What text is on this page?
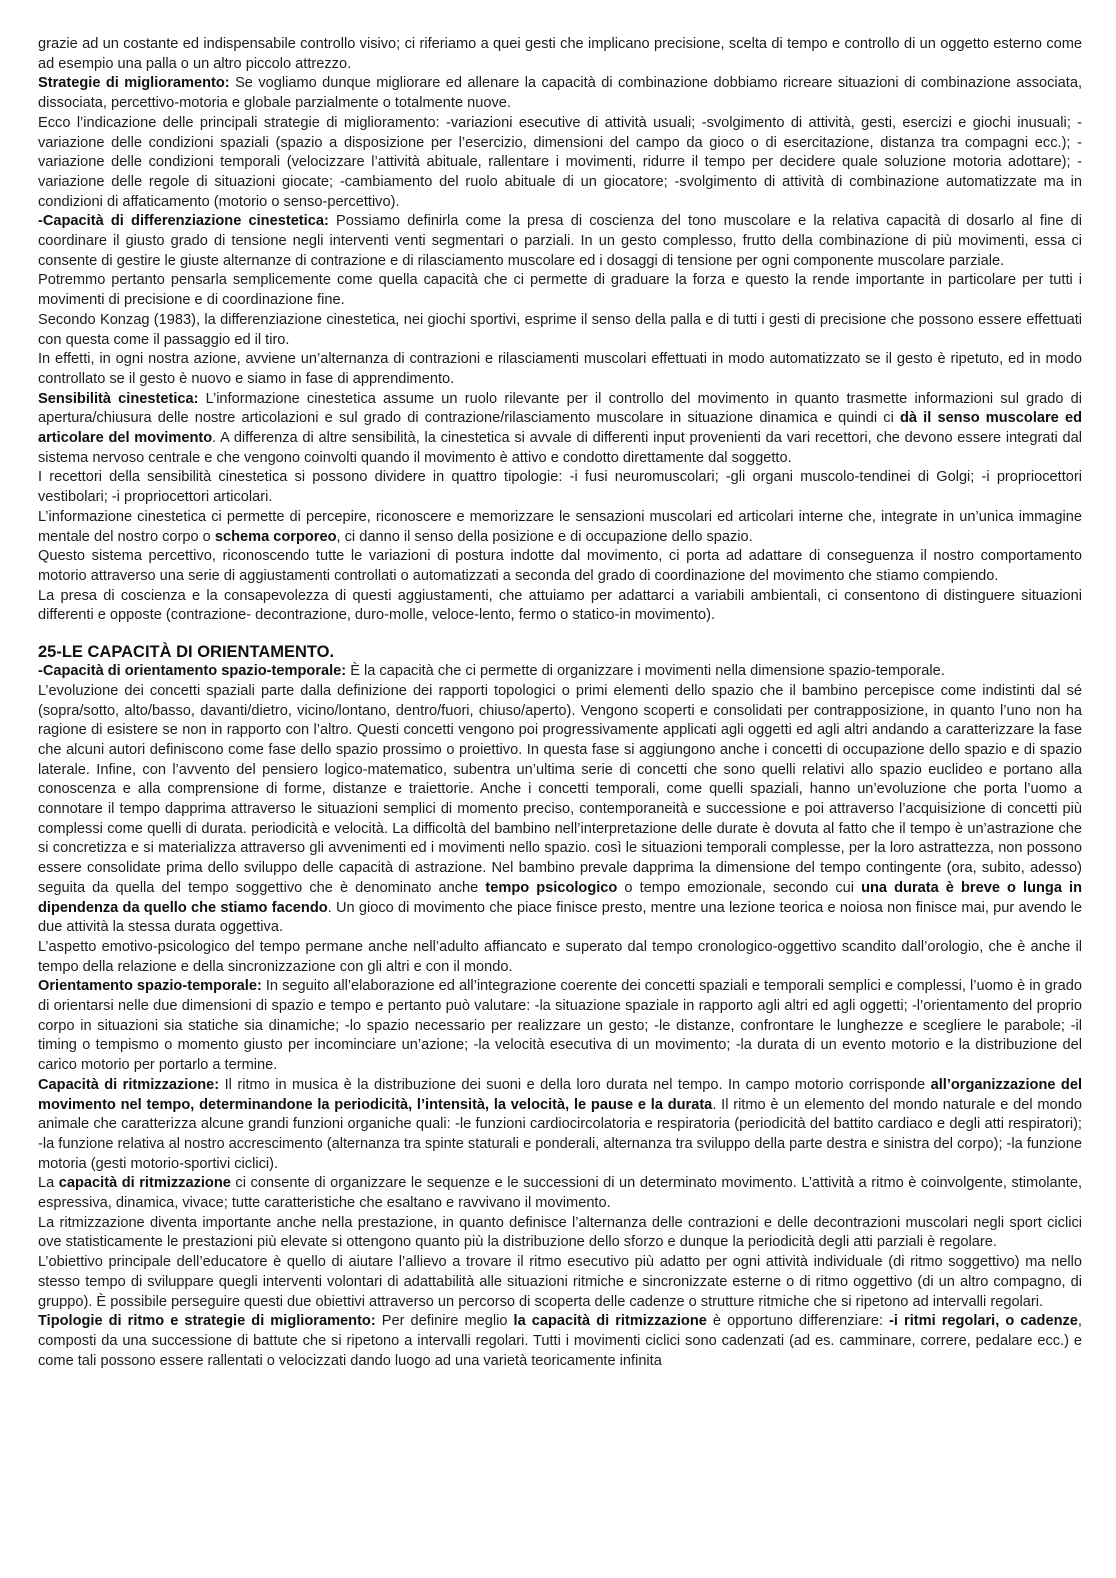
grazie ad un costante ed indispensabile controllo visivo; ci riferiamo a quei gesti che implicano precisione, scelta di tempo e controllo di un oggetto esterno come ad esempio una palla o un altro piccolo attrezzo.

Strategie di miglioramento: Se vogliamo dunque migliorare ed allenare la capacità di combinazione dobbiamo ricreare situazioni di combinazione associata, dissociata, percettivo-motoria e globale parzialmente o totalmente nuove.

Ecco l’indicazione delle principali strategie di miglioramento: -variazioni esecutive di attività usuali; -svolgimento di attività, gesti, esercizi e giochi inusuali; -variazione delle condizioni spaziali (spazio a disposizione per l’esercizio, dimensioni del campo da gioco o di esercitazione, distanza tra compagni ecc.); -variazione delle condizioni temporali (velocizzare l’attività abituale, rallentare i movimenti, ridurre il tempo per decidere quale soluzione motoria adottare); -variazione delle regole di situazioni giocate; -cambiamento del ruolo abituale di un giocatore; -svolgimento di attività di combinazione automatizzate ma in condizioni di affaticamento (motorio o senso-percettivo).

-Capacità di differenziazione cinestetica: Possiamo definirla come la presa di coscienza del tono muscolare e la relativa capacità di dosarlo al fine di coordinare il giusto grado di tensione negli interventi venti segmentari o parziali. In un gesto complesso, frutto della combinazione di più movimenti, essa ci consente di gestire le giuste alternanze di contrazione e di rilasciamento muscolare ed i dosaggi di tensione per ogni componente muscolare parziale.

Potremmo pertanto pensarla semplicemente come quella capacità che ci permette di graduare la forza e questo la rende importante in particolare per tutti i movimenti di precisione e di coordinazione fine.

Secondo Konzag (1983), la differenziazione cinestetica, nei giochi sportivi, esprime il senso della palla e di tutti i gesti di precisione che possono essere effettuati con questa come il passaggio ed il tiro.

In effetti, in ogni nostra azione, avviene un’alternanza di contrazioni e rilasciamenti muscolari effettuati in modo automatizzato se il gesto è ripetuto, ed in modo controllato se il gesto è nuovo e siamo in fase di apprendimento.

Sensibilità cinestetica: L’informazione cinestetica assume un ruolo rilevante per il controllo del movimento in quanto trasmette informazioni sul grado di apertura/chiusura delle nostre articolazioni e sul grado di contrazione/rilasciamento muscolare in situazione dinamica e quindi ci dà il senso muscolare ed articolare del movimento. A differenza di altre sensibilità, la cinestetica si avvale di differenti input provenienti da vari recettori, che devono essere integrati dal sistema nervoso centrale e che vengono coinvolti quando il movimento è attivo e condotto direttamente dal soggetto.

I recettori della sensibilità cinestetica si possono dividere in quattro tipologie: -i fusi neuromuscolari; -gli organi muscolo-tendinei di Golgi; -i propriocettori vestibolari; -i propriocettori articolari.

L’informazione cinestetica ci permette di percepire, riconoscere e memorizzare le sensazioni muscolari ed articolari interne che, integrate in un’unica immagine mentale del nostro corpo o schema corporeo, ci danno il senso della posizione e di occupazione dello spazio.

Questo sistema percettivo, riconoscendo tutte le variazioni di postura indotte dal movimento, ci porta ad adattare di conseguenza il nostro comportamento motorio attraverso una serie di aggiustamenti controllati o automatizzati a seconda del grado di coordinazione del movimento che stiamo compiendo.

La presa di coscienza e la consapevolezza di questi aggiustamenti, che attuiamo per adattarci a variabili ambientali, ci consentono di distinguere situazioni differenti e opposte (contrazione- decontrazione, duro-molle, veloce-lento, fermo o statico-in movimento).

25-LE CAPACITÀ DI ORIENTAMENTO.

-Capacità di orientamento spazio-temporale: È la capacità che ci permette di organizzare i movimenti nella dimensione spazio-temporale.

L’evoluzione dei concetti spaziali parte dalla definizione dei rapporti topologici o primi elementi dello spazio che il bambino percepisce come indistinti dal sé (sopra/sotto, alto/basso, davanti/dietro, vicino/lontano, dentro/fuori, chiuso/aperto). Vengono scoperti e consolidati per contrapposizione, in quanto l’uno non ha ragione di esistere se non in rapporto con l’altro. Questi concetti vengono poi progressivamente applicati agli oggetti ed agli altri andando a caratterizzare la fase che alcuni autori definiscono come fase dello spazio prossimo o proiettivo. In questa fase si aggiungono anche i concetti di occupazione dello spazio e di spazio laterale. Infine, con l’avvento del pensiero logico-matematico, subentra un’ultima serie di concetti che sono quelli relativi allo spazio euclideo e portano alla conoscenza e alla comprensione di forme, distanze e traiettorie. Anche i concetti temporali, come quelli spaziali, hanno un’evoluzione che porta l’uomo a connotare il tempo dapprima attraverso le situazioni semplici di momento preciso, contemporaneità e successione e poi attraverso l’acquisizione di concetti più complessi come quelli di durata. periodicità e velocità. La difficoltà del bambino nell’interpretazione delle durate è dovuta al fatto che il tempo è un’astrazione che si concretizza e si materializza attraverso gli avvenimenti ed i movimenti nello spazio. così le situazioni temporali complesse, per la loro astrattezza, non possono essere consolidate prima dello sviluppo delle capacità di astrazione. Nel bambino prevale dapprima la dimensione del tempo contingente (ora, subito, adesso) seguita da quella del tempo soggettivo che è denominato anche tempo psicologico o tempo emozionale, secondo cui una durata è breve o lunga in dipendenza da quello che stiamo facendo. Un gioco di movimento che piace finisce presto, mentre una lezione teorica e noiosa non finisce mai, pur avendo le due attività la stessa durata oggettiva.

L’aspetto emotivo-psicologico del tempo permane anche nell’adulto affiancato e superato dal tempo cronologico-oggettivo scandito dall’orologio, che è anche il tempo della relazione e della sincronizzazione con gli altri e con il mondo.

Orientamento spazio-temporale: In seguito all’elaborazione ed all’integrazione coerente dei concetti spaziali e temporali semplici e complessi, l’uomo è in grado di orientarsi nelle due dimensioni di spazio e tempo e pertanto può valutare: -la situazione spaziale in rapporto agli altri ed agli oggetti; -l’orientamento del proprio corpo in situazioni sia statiche sia dinamiche; -lo spazio necessario per realizzare un gesto; -le distanze, confrontare le lunghezze e scegliere le parabole; -il timing o tempismo o momento giusto per incominciare un’azione; -la velocità esecutiva di un movimento; -la durata di un evento motorio e la distribuzione del carico motorio per portarlo a termine.

Capacità di ritmizzazione: Il ritmo in musica è la distribuzione dei suoni e della loro durata nel tempo. In campo motorio corrisponde all’organizzazione del movimento nel tempo, determinandone la periodicità, l’intensità, la velocità, le pause e la durata. Il ritmo è un elemento del mondo naturale e del mondo animale che caratterizza alcune grandi funzioni organiche quali: -le funzioni cardiocircolatoria e respiratoria (periodicità del battito cardiaco e degli atti respiratori); -la funzione relativa al nostro accrescimento (alternanza tra spinte staturali e ponderali, alternanza tra sviluppo della parte destra e sinistra del corpo); -la funzione motoria (gesti motorio-sportivi ciclici).

La capacità di ritmizzazione ci consente di organizzare le sequenze e le successioni di un determinato movimento. L’attività a ritmo è coinvolgente, stimolante, espressiva, dinamica, vivace; tutte caratteristiche che esaltano e ravvivano il movimento.

La ritmizzazione diventa importante anche nella prestazione, in quanto definisce l’alternanza delle contrazioni e delle decontrazioni muscolari negli sport ciclici ove statisticamente le prestazioni più elevate si ottengono quanto più la distribuzione dello sforzo e dunque la periodicità degli atti parziali è regolare.

L’obiettivo principale dell’educatore è quello di aiutare l’allievo a trovare il ritmo esecutivo più adatto per ogni attività individuale (di ritmo soggettivo) ma nello stesso tempo di sviluppare quegli interventi volontari di adattabilità alle situazioni ritmiche e sincronizzate esterne o di ritmo oggettivo (di un altro compagno, di gruppo). È possibile perseguire questi due obiettivi attraverso un percorso di scoperta delle cadenze o strutture ritmiche che si ripetono ad intervalli regolari.

Tipologie di ritmo e strategie di miglioramento: Per definire meglio la capacità di ritmizzazione è opportuno differenziare: -i ritmi regolari, o cadenze, composti da una successione di battute che si ripetono a intervalli regolari. Tutti i movimenti ciclici sono cadenzati (ad es. camminare, correre, pedalare ecc.) e come tali possono essere rallentati o velocizzati dando luogo ad una varietà teoricamente infinita
